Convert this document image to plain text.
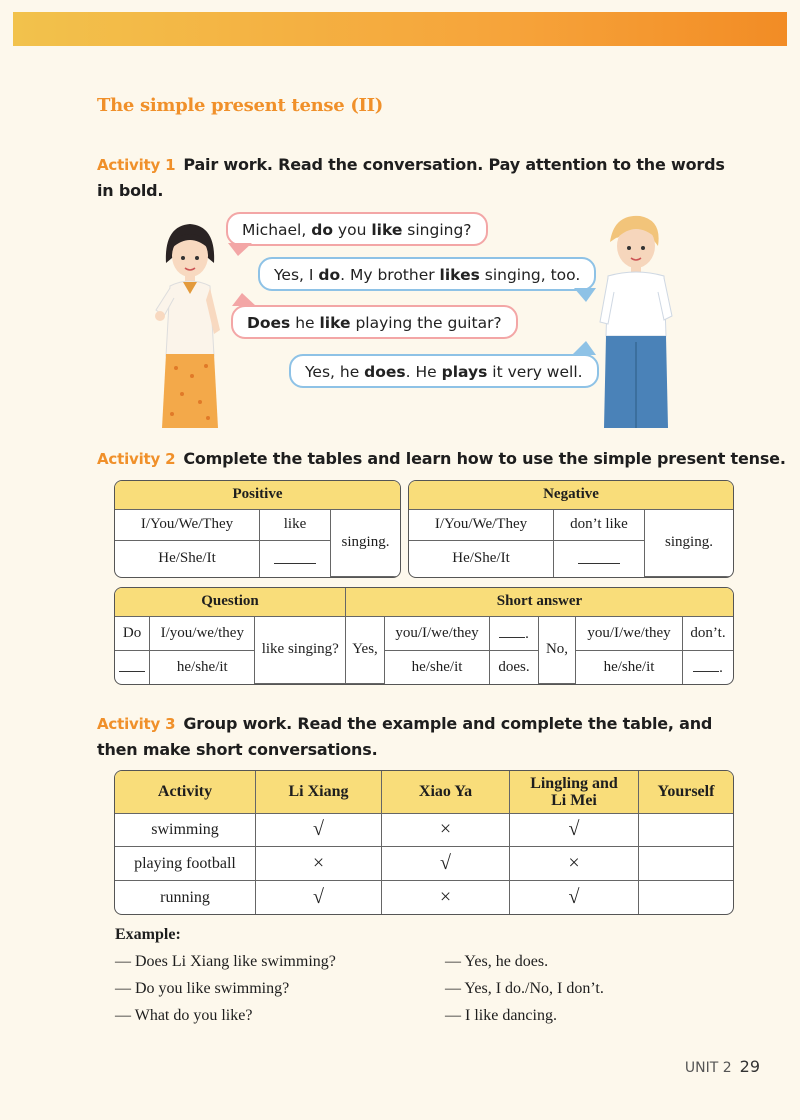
The simple present tense (II)
Activity 1 Pair work. Read the conversation. Pay attention to the words
in bold.
Michael, do you like singing?
Yes, I do. My brother likes singing, too.
Does he like playing the guitar?
Yes, he does. He plays it very well.
Activity 2 Complete the tables and learn how to use the simple present tense.
Positive		
I/You/We/They	like	singing.
He/She/It		
Negative		
I/You/We/They	don’t like	singing.
He/She/It		
Question			Short answer					
Do	I/you/we/they	like singing?	Yes,	you/I/we/they	.	No,	you/I/we/they	don’t.
	he/she/it			he/she/it	does.		he/she/it	.
Activity 3 Group work. Read the example and complete the table, and
then make short conversations.
Activity	Li Xiang	Xiao Ya	Lingling and
Li Mei	Yourself
swimming	√	×	√	
playing football	×	√	×	
running	√	×	√	
Example:
— Does Li Xiang like swimming?	— Yes, he does.
— Do you like swimming?	— Yes, I do./No, I don’t.
— What do you like?	— I like dancing.
UNIT 2 29
